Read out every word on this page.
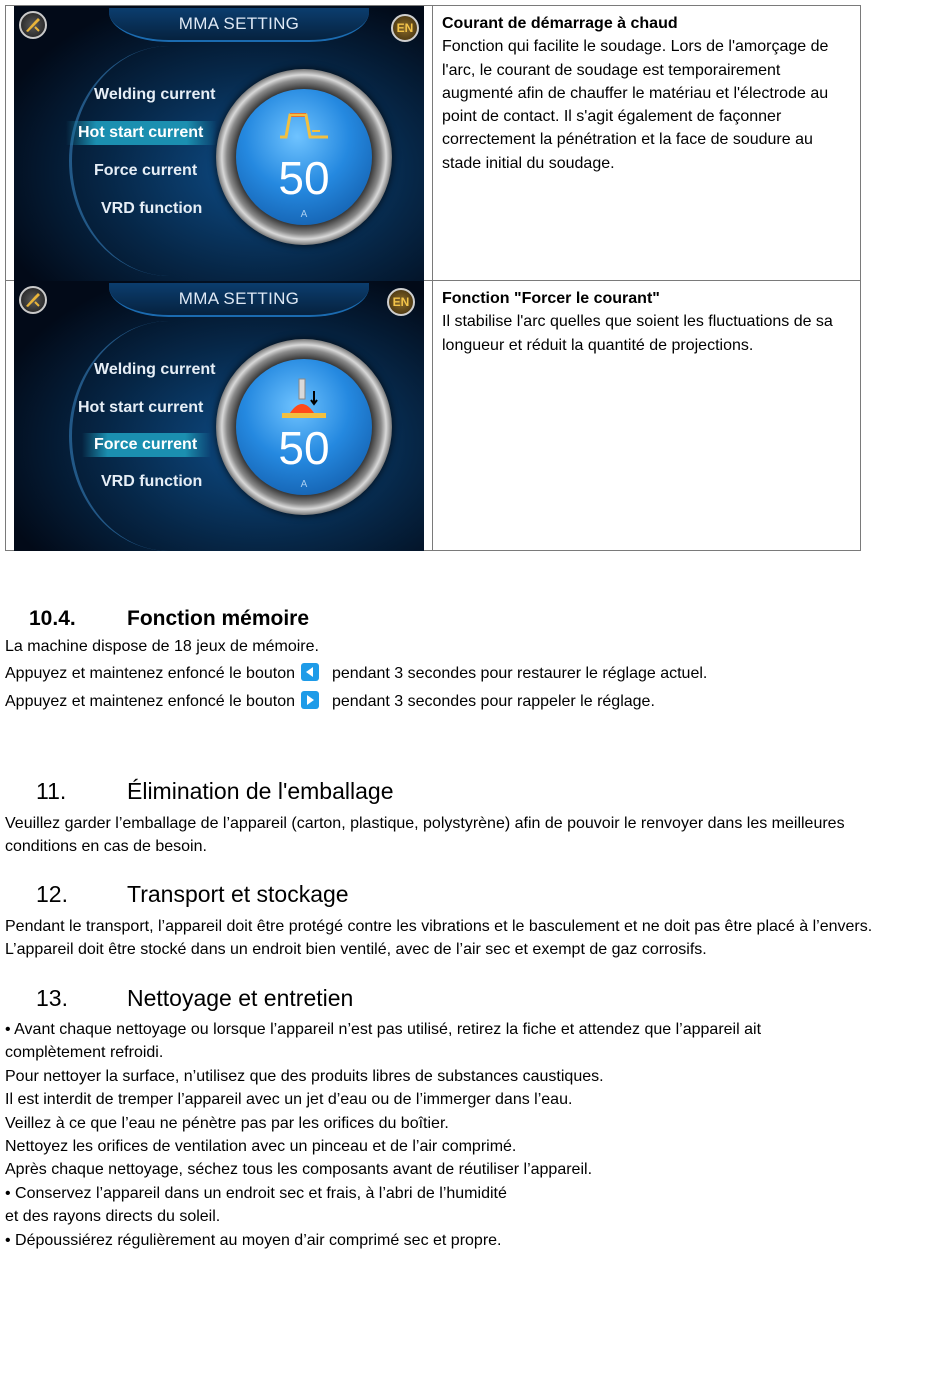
MMA SETTING	EN
Welding current
Hot start current
Force current
VRD function
50
A
Courant de démarrage à chaud
Fonction qui facilite le soudage. Lors de l'amorçage de l'arc, le courant de soudage est temporairement augmenté afin de chauffer le matériau et l'électrode au point de contact. Il s'agit également de façonner correctement la pénétration et la face de soudure au stade initial du soudage.
MMA SETTING	EN
Welding current
Hot start current
Force current
VRD function
50
A
Fonction "Forcer le courant"
Il stabilise l'arc quelles que soient les fluctuations de sa longueur et réduit la quantité de projections.
10.4. Fonction mémoire
La machine dispose de 18 jeux de mémoire.
Appuyez et maintenez enfoncé le bouton pendant 3 secondes pour restaurer le réglage actuel.
Appuyez et maintenez enfoncé le bouton pendant 3 secondes pour rappeler le réglage.
11.	Élimination de l'emballage
Veuillez garder l’emballage de l’appareil (carton, plastique, polystyrène) afin de pouvoir le renvoyer dans les meilleures conditions en cas de besoin.
12.	Transport et stockage
Pendant le transport, l’appareil doit être protégé contre les vibrations et le basculement et ne doit pas être placé à l’envers. L’appareil doit être stocké dans un endroit bien ventilé, avec de l’air sec et exempt de gaz corrosifs.
13.	Nettoyage et entretien
• Avant chaque nettoyage ou lorsque l’appareil n’est pas utilisé, retirez la fiche et attendez que l’appareil ait
complètement refroidi.
Pour nettoyer la surface, n’utilisez que des produits libres de substances caustiques.
Il est interdit de tremper l’appareil avec un jet d’eau ou de l’immerger dans l’eau.
Veillez à ce que l’eau ne pénètre pas par les orifices du boîtier.
Nettoyez les orifices de ventilation avec un pinceau et de l’air comprimé.
Après chaque nettoyage, séchez tous les composants avant de réutiliser l’appareil.
• Conservez l’appareil dans un endroit sec et frais, à l’abri de l’humidité
et des rayons directs du soleil.
• Dépoussiérez régulièrement au moyen d’air comprimé sec et propre.
